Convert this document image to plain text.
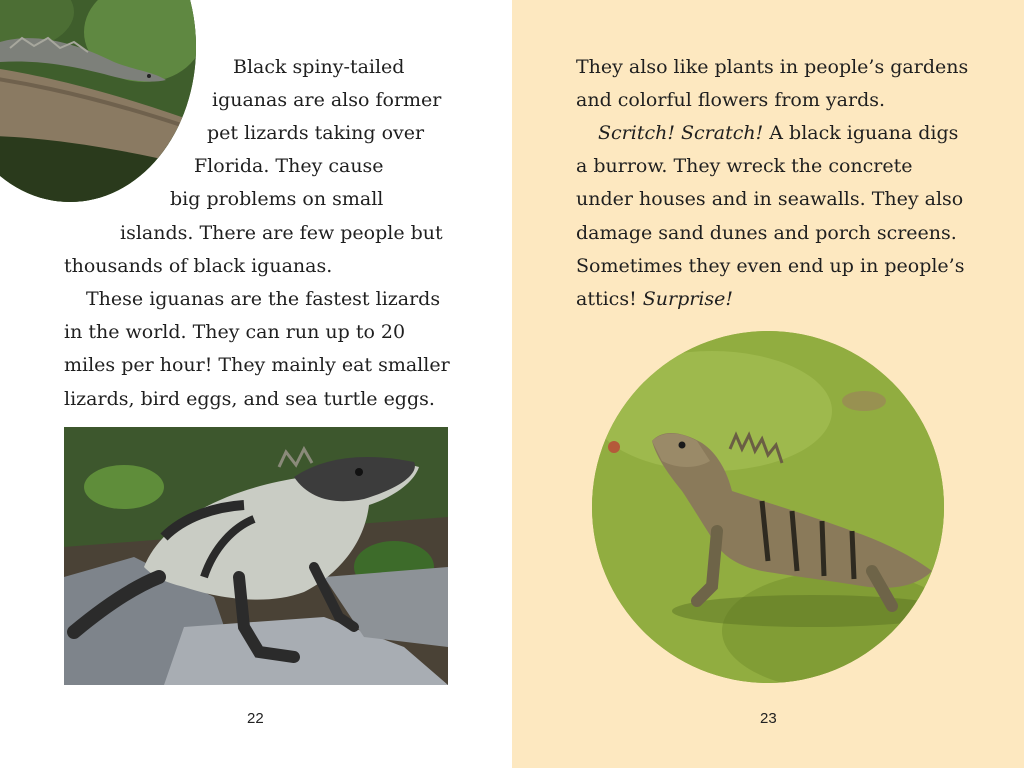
Black spiny-tailed
iguanas are also former
pet lizards taking over
Florida. They cause
big problems on small
islands. There are few people but
thousands of black iguanas.
These iguanas are the fastest lizards
in the world. They can run up to 20
miles per hour! They mainly eat smaller
lizards, bird eggs, and sea turtle eggs.
22
They also like plants in people’s gardens
and colorful flowers from yards.
Scritch! Scratch! A black iguana digs
a burrow. They wreck the concrete
under houses and in seawalls. They also
damage sand dunes and porch screens.
Sometimes they even end up in people’s
attics! Surprise!
23
